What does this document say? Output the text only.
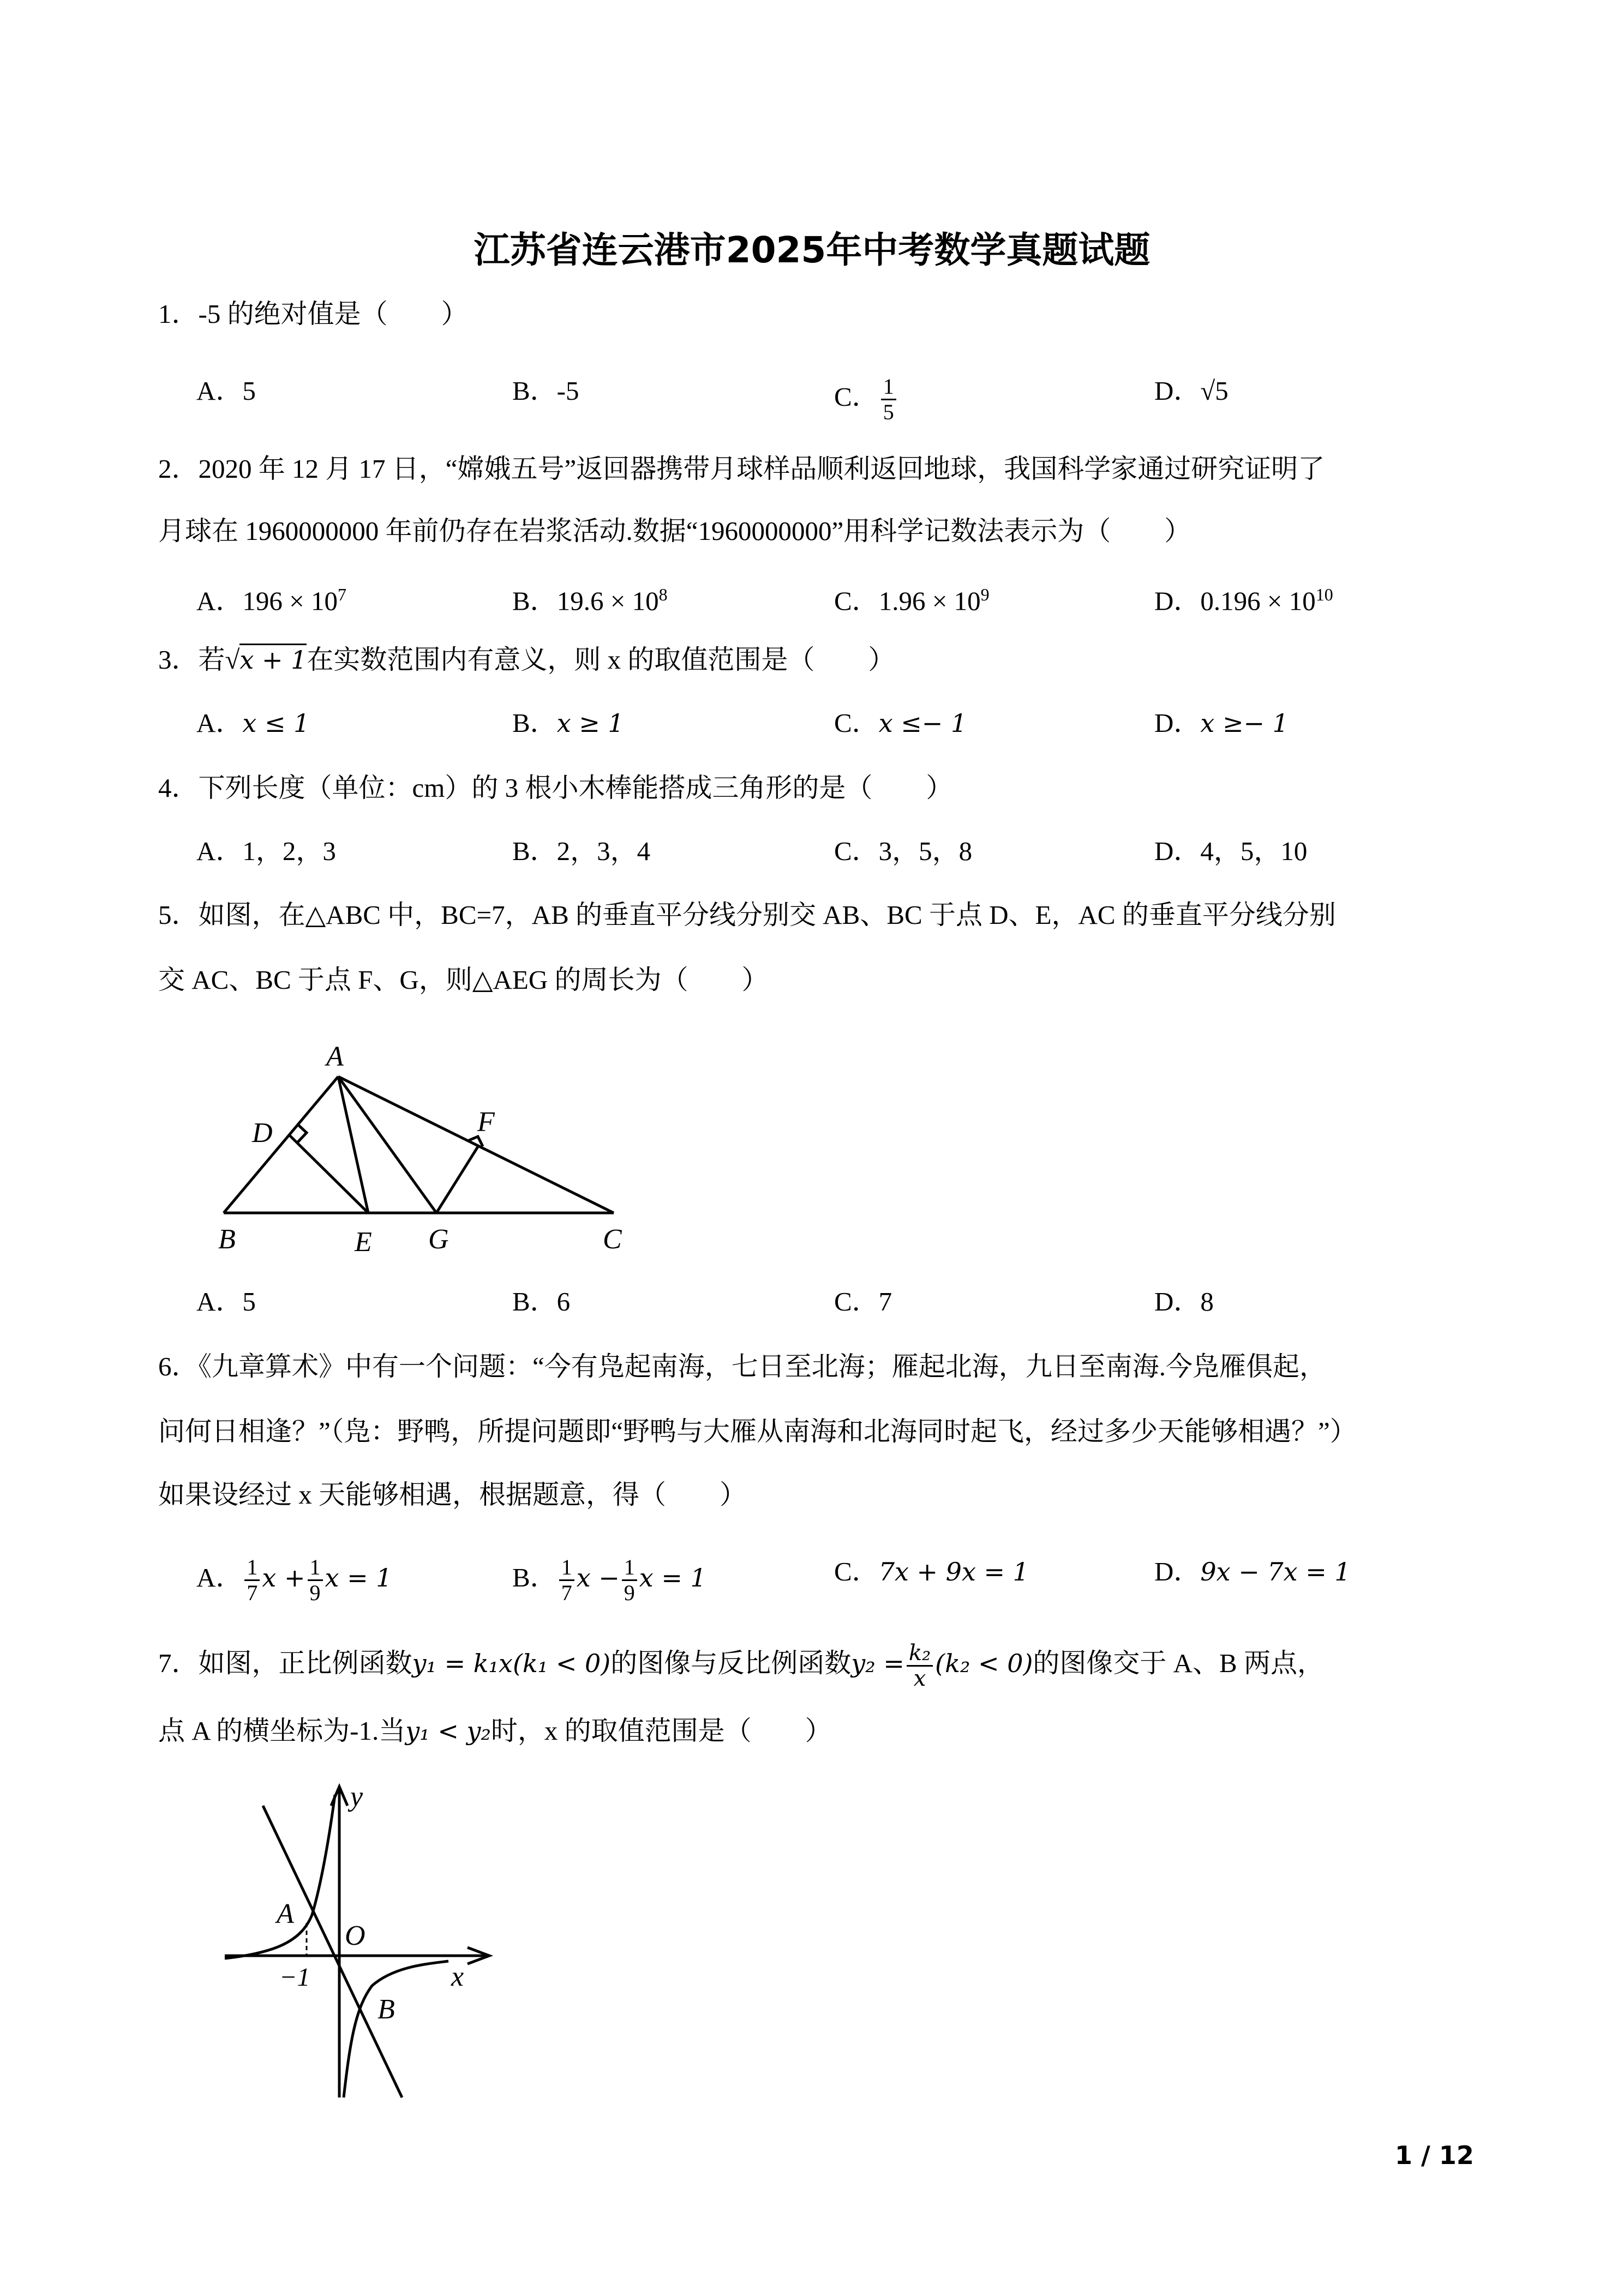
江苏省连云港市2025年中考数学真题试题
1．-5 的绝对值是（　　）
A．5	B．-5	C． $\frac{1}{5}$	D．√5
2．2020 年 12 月 17 日，“嫦娥五号”返回器携带月球样品顺利返回地球，我国科学家通过研究证明了
月球在 1960000000 年前仍存在岩浆活动.数据“1960000000”用科学记数法表示为（　　）
A．$196 \times 10^7$	B．$19.6 \times 10^8$	C．$1.96 \times 10^9$	D．$0.196 \times 10^{10}$
3．若√x + 1在实数范围内有意义，则 x 的取值范围是（　　）
A．x ≤ 1	B．x ≥ 1	C．x ≤− 1	D．x ≥− 1
4．下列长度（单位：cm）的 3 根小木棒能搭成三角形的是（　　）
A．1，2，3	B．2，3，4	C．3，5，8	D．4，5，10
5．如图，在△ABC 中，BC=7，AB 的垂直平分线分别交 AB、BC 于点 D、E，AC 的垂直平分线分别
交 AC、BC 于点 F、G，则△AEG 的周长为（　　）
A
B	C
D
E G
F
A．5	B．6	C．7	D．8
6．《九章算术》中有一个问题：“今有凫起南海，七日至北海；雁起北海，九日至南海.今凫雁俱起，
问何日相逢？”（凫：野鸭，所提问题即“野鸭与大雁从南海和北海同时起飞，经过多少天能够相遇？”）
如果设经过 x 天能够相遇，根据题意，得（　　）
A． $\frac{1}{7}$ $x + \frac{1}{9}$ x = 1	B． $\frac{1}{7}$ $x - \frac{1}{9}$ x = 1	C．7x + 9x = 1	D．9x − 7x = 1
7．如图，正比例函数y₁ = k₁x(k₁ < 0)的图像与反比例函数$y_2 = \frac{\text{k₂}}{x} (k_2 < 0)$的图像交于 A、B 两点，
点 A 的横坐标为-1.当y₁ < y₂时，x 的取值范围是（　　）
y
x
O
A
B
−1
1 / 12
